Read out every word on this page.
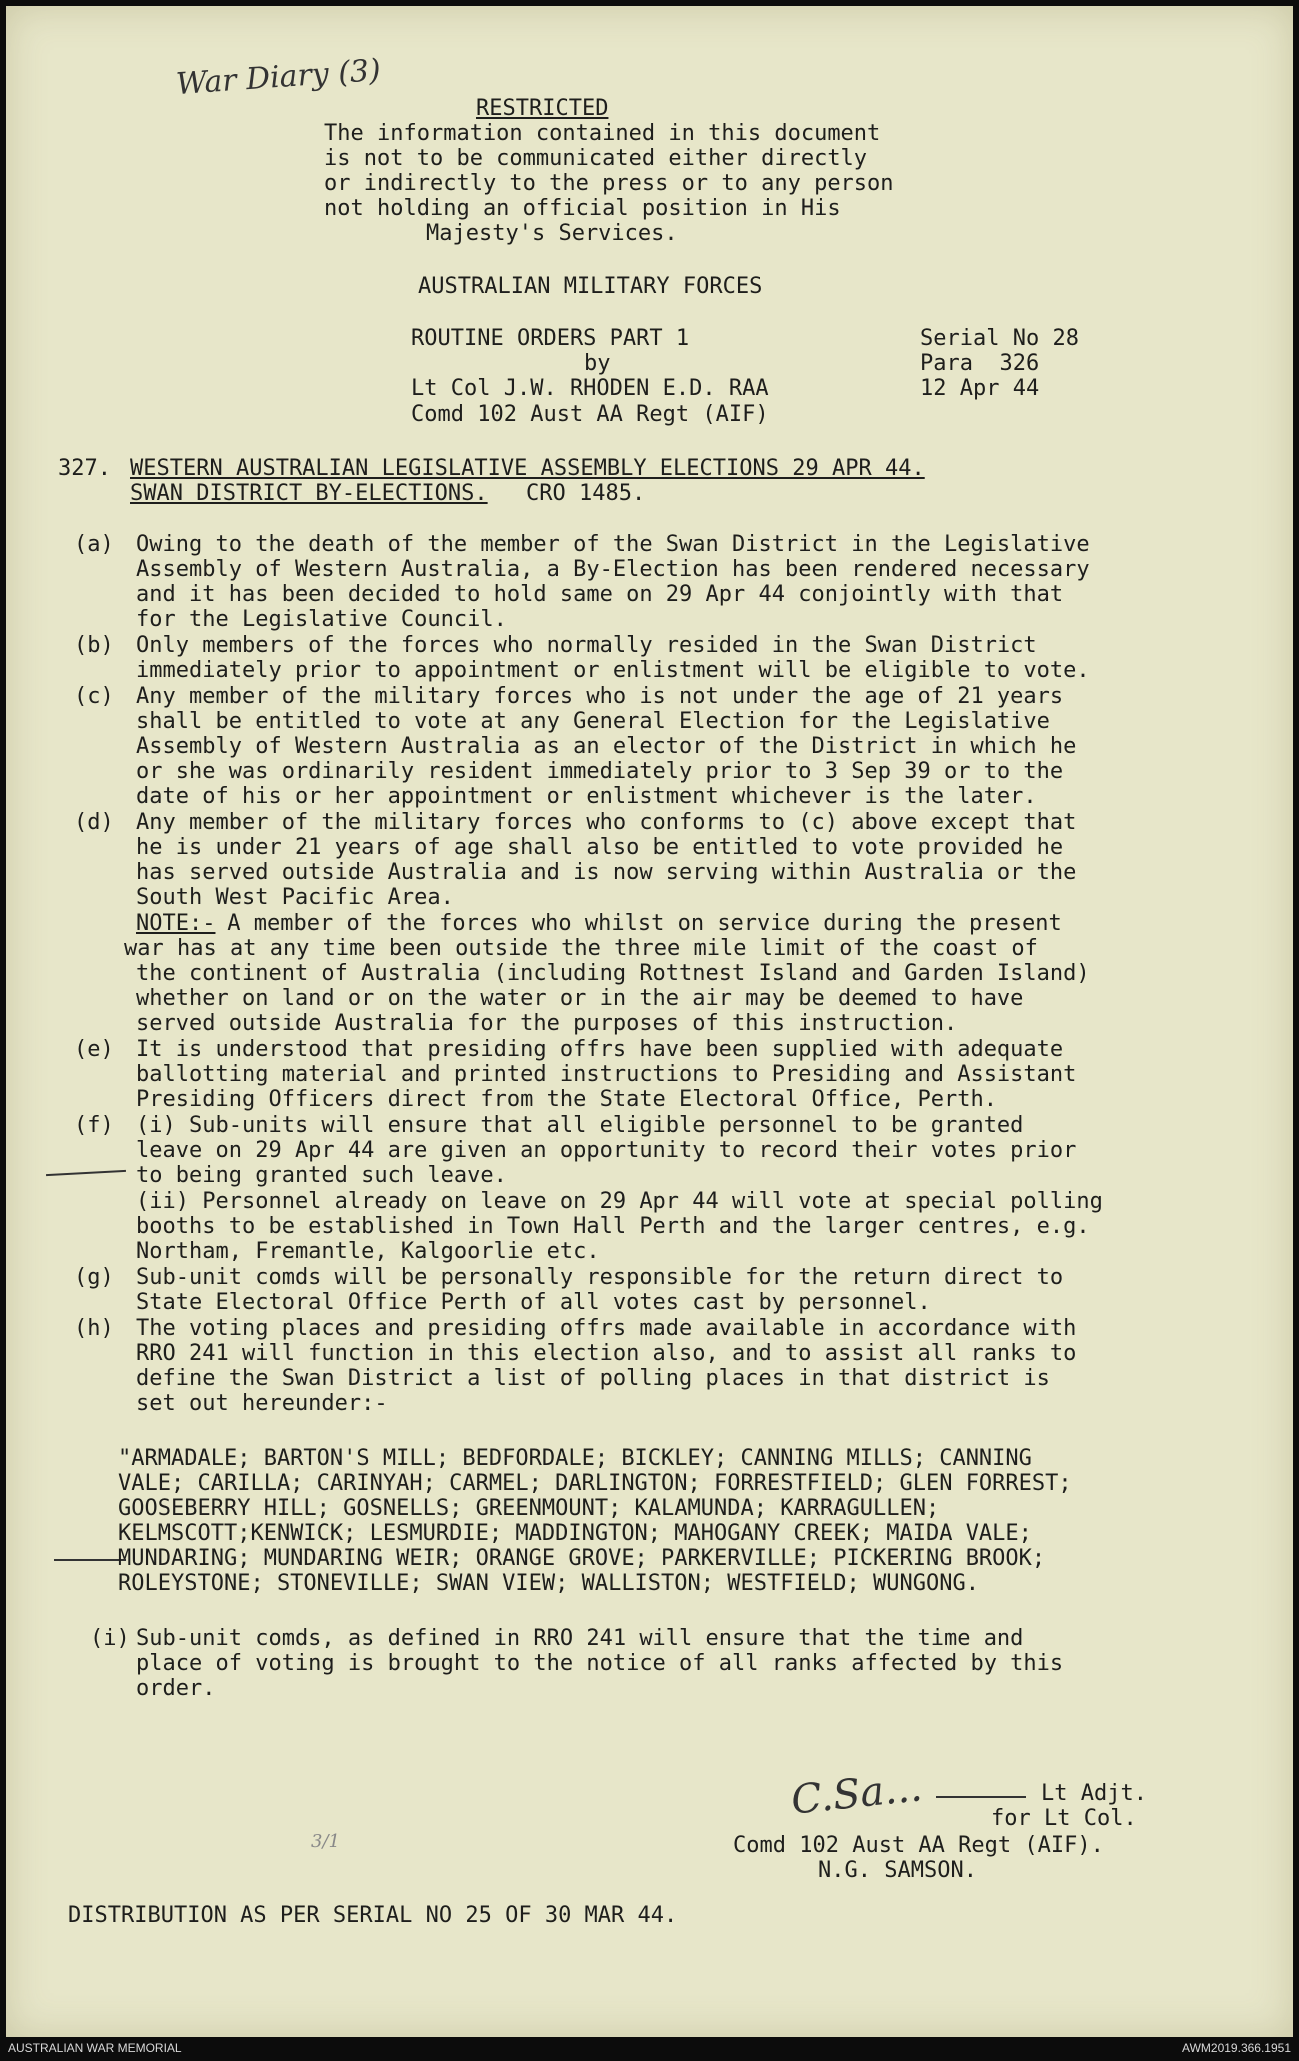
War Diary (3)
RESTRICTED
The information contained in this document
is not to be communicated either directly
or indirectly to the press or to any person
not holding an official position in His
Majesty's Services.
AUSTRALIAN MILITARY FORCES
ROUTINE ORDERS PART 1
by
Lt Col J.W. RHODEN E.D. RAA
Comd 102 Aust AA Regt (AIF)
Serial No 28
Para  326
12 Apr 44
327. WESTERN AUSTRALIAN LEGISLATIVE ASSEMBLY ELECTIONS 29 APR 44.
SWAN DISTRICT BY-ELECTIONS. CRO 1485.
(a) Owing to the death of the member of the Swan District in the Legislative
Assembly of Western Australia, a By-Election has been rendered necessary
and it has been decided to hold same on 29 Apr 44 conjointly with that
for the Legislative Council.
(b) Only members of the forces who normally resided in the Swan District
immediately prior to appointment or enlistment will be eligible to vote.
(c) Any member of the military forces who is not under the age of 21 years
shall be entitled to vote at any General Election for the Legislative
Assembly of Western Australia as an elector of the District in which he
or she was ordinarily resident immediately prior to 3 Sep 39 or to the
date of his or her appointment or enlistment whichever is the later.
(d) Any member of the military forces who conforms to (c) above except that
he is under 21 years of age shall also be entitled to vote provided he
has served outside Australia and is now serving within Australia or the
South West Pacific Area.
NOTE:-
A member of the forces who whilst on service during the present
war has at any time been outside the three mile limit of the coast of
the continent of Australia (including Rottnest Island and Garden Island)
whether on land or on the water or in the air may be deemed to have
served outside Australia for the purposes of this instruction.
(e) It is understood that presiding offrs have been supplied with adequate
ballotting material and printed instructions to Presiding and Assistant
Presiding Officers direct from the State Electoral Office, Perth.
(f) (i) Sub-units will ensure that all eligible personnel to be granted
leave on 29 Apr 44 are given an opportunity to record their votes prior
to being granted such leave.
(ii) Personnel already on leave on 29 Apr 44 will vote at special polling
booths to be established in Town Hall Perth and the larger centres, e.g.
Northam, Fremantle, Kalgoorlie etc.
(g) Sub-unit comds will be personally responsible for the return direct to
State Electoral Office Perth of all votes cast by personnel.
(h) The voting places and presiding offrs made available in accordance with
RRO 241 will function in this election also, and to assist all ranks to
define the Swan District a list of polling places in that district is
set out hereunder:-
"ARMADALE; BARTON'S MILL; BEDFORDALE; BICKLEY; CANNING MILLS; CANNING
VALE; CARILLA; CARINYAH; CARMEL; DARLINGTON; FORRESTFIELD; GLEN FORREST;
GOOSEBERRY HILL; GOSNELLS; GREENMOUNT; KALAMUNDA; KARRAGULLEN;
KELMSCOTT;KENWICK; LESMURDIE; MADDINGTON; MAHOGANY CREEK; MAIDA VALE;
MUNDARING; MUNDARING WEIR; ORANGE GROVE; PARKERVILLE; PICKERING BROOK;
ROLEYSTONE; STONEVILLE; SWAN VIEW; WALLISTON; WESTFIELD; WUNGONG.
(i) Sub-unit comds, as defined in RRO 241 will ensure that the time and
place of voting is brought to the notice of all ranks affected by this
order.
3/1
C.Sa...	Lt Adjt.
for Lt Col.
Comd 102 Aust AA Regt (AIF).
N.G. SAMSON.
DISTRIBUTION AS PER SERIAL NO 25 OF 30 MAR 44.
AUSTRALIAN WAR MEMORIAL	AWM2019.366.1951
